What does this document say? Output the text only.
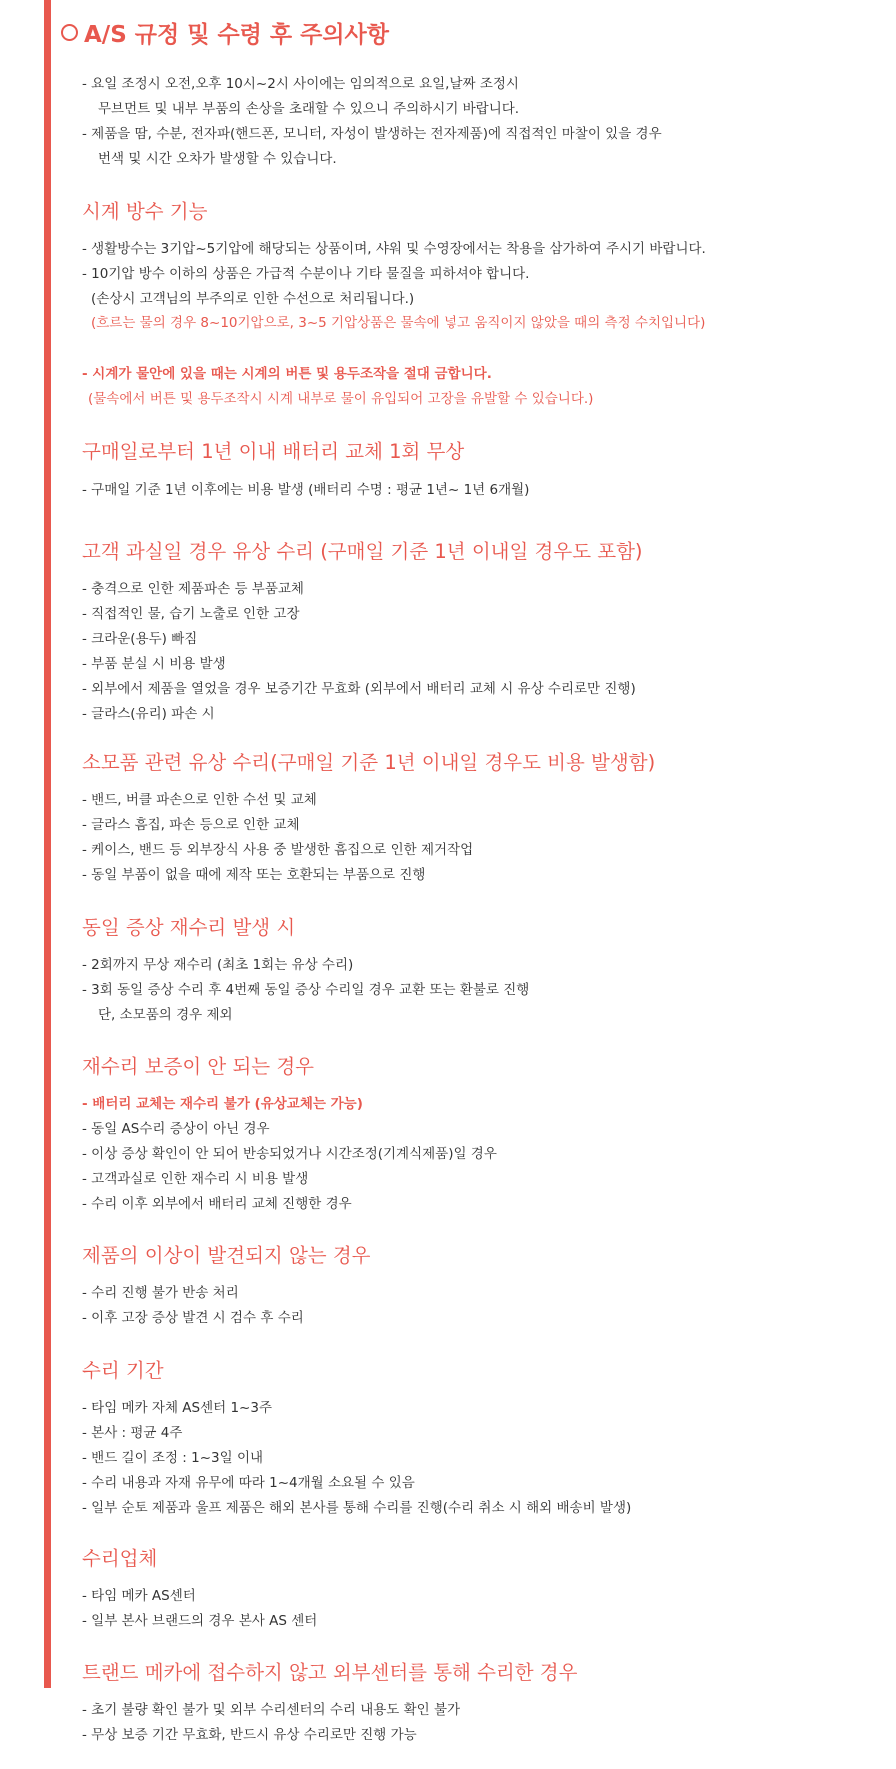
A/S 규정 및 수령 후 주의사항

- 요일 조정시 오전,오후 10시~2시 사이에는 임의적으로 요일,날짜 조정시

무브먼트 및 내부 부품의 손상을 초래할 수 있으니 주의하시기 바랍니다.

- 제품을 땀, 수분, 전자파(핸드폰, 모니터, 자성이 발생하는 전자제품)에 직접적인 마찰이 있을 경우

번색 및 시간 오차가 발생할 수 있습니다.

시계 방수 기능

- 생활방수는 3기압~5기압에 해당되는 상품이며, 샤워 및 수영장에서는 착용을 삼가하여 주시기 바랍니다.

- 10기압 방수 이하의 상품은 가급적 수분이나 기타 물질을 피하셔야 합니다.

(손상시 고객님의 부주의로 인한 수선으로 처리됩니다.)

(흐르는 물의 경우 8~10기압으로, 3~5 기압상품은 물속에 넣고 움직이지 않았을 때의 측정 수치입니다)

- 시계가 물안에 있을 때는 시계의 버튼 및 용두조작을 절대 금합니다.

(물속에서 버튼 및 용두조작시 시계 내부로 물이 유입되어 고장을 유발할 수 있습니다.)

구매일로부터 1년 이내 배터리 교체 1회 무상

- 구매일 기준 1년 이후에는 비용 발생 (배터리 수명 : 평균 1년~ 1년 6개월)

고객 과실일 경우 유상 수리 (구매일 기준 1년 이내일 경우도 포함)

- 충격으로 인한 제품파손 등 부품교체

- 직접적인 물, 습기 노출로 인한 고장

- 크라운(용두) 빠짐

- 부품 분실 시 비용 발생

- 외부에서 제품을 열었을 경우 보증기간 무효화 (외부에서 배터리 교체 시 유상 수리로만 진행)

- 글라스(유리) 파손 시

소모품 관련 유상 수리(구매일 기준 1년 이내일 경우도 비용 발생함)

- 밴드, 버클 파손으로 인한 수선 및 교체

- 글라스 흠집, 파손 등으로 인한 교체

- 케이스, 밴드 등 외부장식 사용 중 발생한 흠집으로 인한 제거작업

- 동일 부품이 없을 때에 제작 또는 호환되는 부품으로 진행

동일 증상 재수리 발생 시

- 2회까지 무상 재수리 (최초 1회는 유상 수리)

- 3회 동일 증상 수리 후 4번째 동일 증상 수리일 경우 교환 또는 환불로 진행

단, 소모품의 경우 제외

재수리 보증이 안 되는 경우

- 배터리 교체는 재수리 불가 (유상교체는 가능)

- 동일 AS수리 증상이 아닌 경우

- 이상 증상 확인이 안 되어 반송되었거나 시간조정(기계식제품)일 경우

- 고객과실로 인한 재수리 시 비용 발생

- 수리 이후 외부에서 배터리 교체 진행한 경우

제품의 이상이 발견되지 않는 경우

- 수리 진행 불가 반송 처리

- 이후 고장 증상 발견 시 검수 후 수리

수리 기간

- 타임 메카 자체 AS센터 1~3주

- 본사 : 평균 4주

- 밴드 길이 조정 : 1~3일 이내

- 수리 내용과 자재 유무에 따라 1~4개월 소요될 수 있음

- 일부 순토 제품과 울프 제품은 해외 본사를 통해 수리를 진행(수리 취소 시 해외 배송비 발생)

수리업체

- 타임 메카 AS센터

- 일부 본사 브랜드의 경우 본사 AS 센터

트랜드 메카에 접수하지 않고 외부센터를 통해 수리한 경우

- 초기 불량 확인 불가 및 외부 수리센터의 수리 내용도 확인 불가

- 무상 보증 기간 무효화, 반드시 유상 수리로만 진행 가능
